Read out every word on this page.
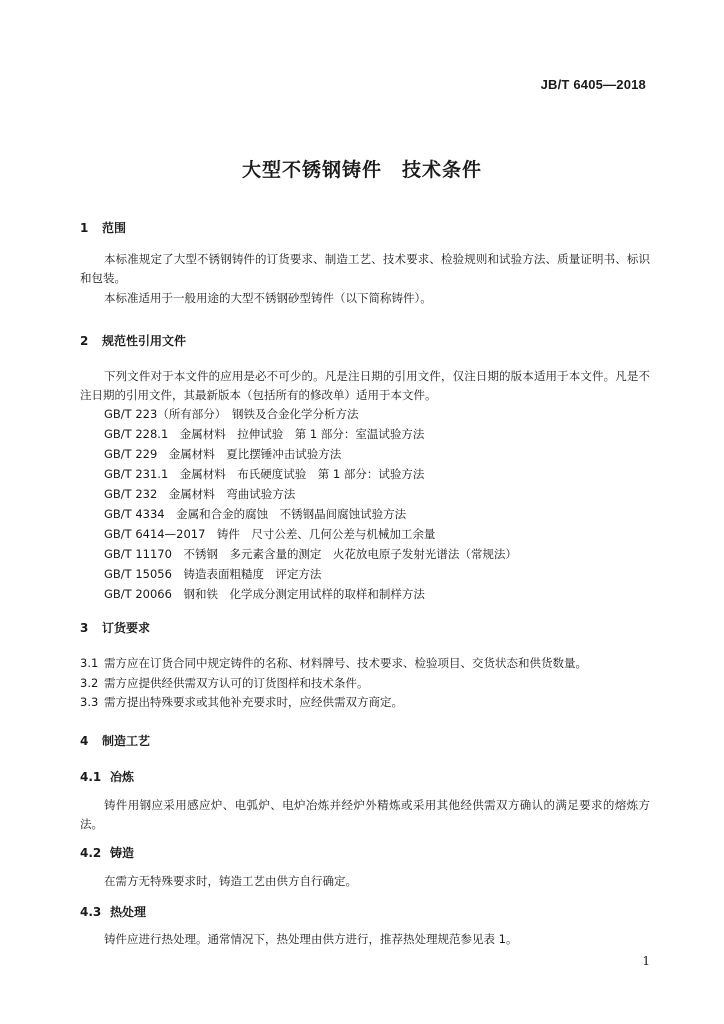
JB/T 6405—2018
大型不锈钢铸件　技术条件
1 范围
本标准规定了大型不锈钢铸件的订货要求、制造工艺、技术要求、检验规则和试验方法、质量证明书、标识和包装。
本标准适用于一般用途的大型不锈钢砂型铸件（以下简称铸件）。
2 规范性引用文件
下列文件对于本文件的应用是必不可少的。凡是注日期的引用文件，仅注日期的版本适用于本文件。凡是不注日期的引用文件，其最新版本（包括所有的修改单）适用于本文件。
GB/T 223（所有部分）　钢铁及合金化学分析方法
GB/T 228.1　金属材料　拉伸试验　第 1 部分：室温试验方法
GB/T 229　金属材料　夏比摆锤冲击试验方法
GB/T 231.1　金属材料　布氏硬度试验　第 1 部分：试验方法
GB/T 232　金属材料　弯曲试验方法
GB/T 4334　金属和合金的腐蚀　不锈钢晶间腐蚀试验方法
GB/T 6414—2017　铸件　尺寸公差、几何公差与机械加工余量
GB/T 11170　不锈钢　多元素含量的测定　火花放电原子发射光谱法（常规法）
GB/T 15056　铸造表面粗糙度　评定方法
GB/T 20066　钢和铁　化学成分测定用试样的取样和制样方法
3 订货要求
3.1 需方应在订货合同中规定铸件的名称、材料牌号、技术要求、检验项目、交货状态和供货数量。
3.2 需方应提供经供需双方认可的订货图样和技术条件。
3.3 需方提出特殊要求或其他补充要求时，应经供需双方商定。
4 制造工艺
4.1 冶炼
铸件用钢应采用感应炉、电弧炉、电炉冶炼并经炉外精炼或采用其他经供需双方确认的满足要求的熔炼方法。
4.2 铸造
在需方无特殊要求时，铸造工艺由供方自行确定。
4.3 热处理
铸件应进行热处理。通常情况下，热处理由供方进行，推荐热处理规范参见表 1。
1
